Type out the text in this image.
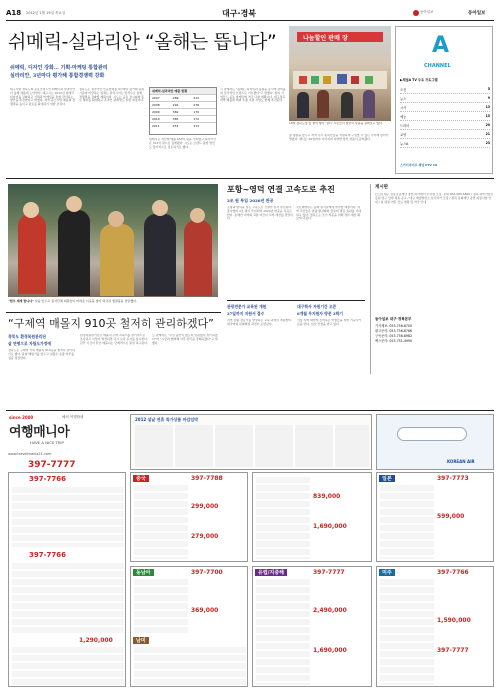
A18 2012년 1월 19일 목요일	대구·경북	동아일보
동아일보
쉬메릭-실라리안 “올해는 뜹니다”
쉬메릭, 디자인 강화… 기획·마케팅 통합관리
실라리안, 3년마다 평가해 통합경쟁력 강화
대구시와 경북도의 공동브랜드인 쉬메릭과 실라리안이 올해 새롭게 도약한다. 대구시는 2012년 쉬메릭 디자인을 강화하고 기획과 마케팅을 통합 관리하는 방안을 추진한다고 밝혔다. 지역 중소기업 제품의 경쟁력을 높이고 판로를 확대하기 위한 조치다.
경북도는 실라리안 인증업체를 3년마다 평가해 품질 기준에 미달하는 업체는 탈락시키는 방식으로 통합경쟁력을 강화할 계획이다. 시도는 공동 전시회와 홍보 행사를 확대하고 온라인 판매망도 늘릴 예정이다.
쉬메릭·실라리안 매출 현황
2007	289	212
2008	294	278
2009	369	179
2010	385	172
2011	453	313
쉬메릭은 지난해 매출 453억 원을 기록했고 실라리안은 313억 원으로 집계됐다. 시도는 브랜드 통합 방안도 장기적으로 검토하기로 했다.
시 관계자는 “올해는 디자인과 품질을 동시에 끌어올려 전국적인 브랜드로 키우겠다”고 말했다. 참여 기업들도 공동 마케팅에 적극 나설 계획이다. 대구경북 지역 제품의 해외 수출 지원 사업도 함께 추진된다.
나눔할인 판매 장
18일 경북도청 앞 참여 행사 ‘장터’ 시민들이 설맞이 상품을 살펴보고 있다.
설 명절을 앞두고 지역 우수 농특산물을 저렴하게 구입할 수 있는 직거래 장터가 열렸다. 행사는 20일까지 이어지며 다양한 할인 상품이 준비됐다.
A
CHANNEL
▶채널A TV 주요 프로그램
오전	5
뉴스	9
시사	13
예능	15
드라마	20
교양	21
뉴스A	23
스카이라이프 채널 PTV 18
“현우 세계 합니다” 설을 앞두고 봉사단체 회원들이 어려운 이웃을 찾아 떡국과 생필품을 전달했다.
포항∼영덕 연결 고속도로 추진
2조 원 투입 2020년 완공
포항과 영덕을 잇는 고속도로 건설이 본격 추진된다. 총사업비 2조 원이 투입되며 2020년 완공을 목표로 한다. 동해안 지역의 교통 여건이 크게 개선될 전망이다.
국토해양부는 올해 실시설계에 착수할 예정이다. 지역 주민들은 관광 활성화와 물류비 절감 효과를 기대하고 있다. 경북도는 조기 착공을 위해 정부 예산 확보에 나섰다.
관광전문가 교육된 개원
27일까지 지원서 접수
지역 관광 전문가를 양성하는 교육 과정이 개원한다. 외국어와 문화해설 과정이 포함된다.
대구학사 자원기간 오픈
6개월 무지원자 방문 2학기
서울 지역 대학에 진학하는 학생들을 위한 기숙사가 문을 연다. 입사 신청을 받고 있다.
게시판
(모집) 대구 신용보증재단 창업 아카데미 수강생 모집. 문의 053-560-6300 / 경북 과학기술진흥원 연구 인력 채용 공고 / 대구 예술발전소 입주작가 모집 / 경북 문화재단 공연 지원사업 안내 / 설 명절 연휴 진료 병원 및 약국 안내
동아일보 대구·경북본부
기사제보: 053-756-8700
광고문의: 053-756-8766
구독문의: 053-756-8982
팩스문의: 053-751-4990
“구제역 매몰지 910곳 철저히 관리하겠다”
경북도 환경복원관리단
살 연평으로 자립도가정에
경북도는 구제역 가축 매몰지 910곳을 철저히 관리하기로 했다. 봄철 해빙기를 앞두고 침출수 유출 여부를 집중 점검한다.
환경복원관리단은 매몰지 주변 지하수를 정기적으로 조사하고 이상이 발견되면 즉시 보강 공사를 실시한다. 관리 기간이 끝난 매몰지는 단계적으로 원상 복구된다.
도 관계자는 “주민 불안이 없도록 빈틈없이 관리하겠다”며 “시군과 협력해 사후 관리를 강화하겠다”고 말했다.
since 2000	해외 여행할때
여행매니아
HAVE A NICE TRIP
www.travelmania21.com
397-7777
2012 설날 연휴 특가상품 마감임박
KOREAN AIR
397-7766
397-7766
1,290,000
중국	397-7788
299,000
279,000
일본	397-7773
599,000
839,000
1,690,000
동남아	397-7700
369,000
남미
유럽/지중해	397-7777
2,490,000
1,690,000
미주	397-7766
1,590,000
397-7777
